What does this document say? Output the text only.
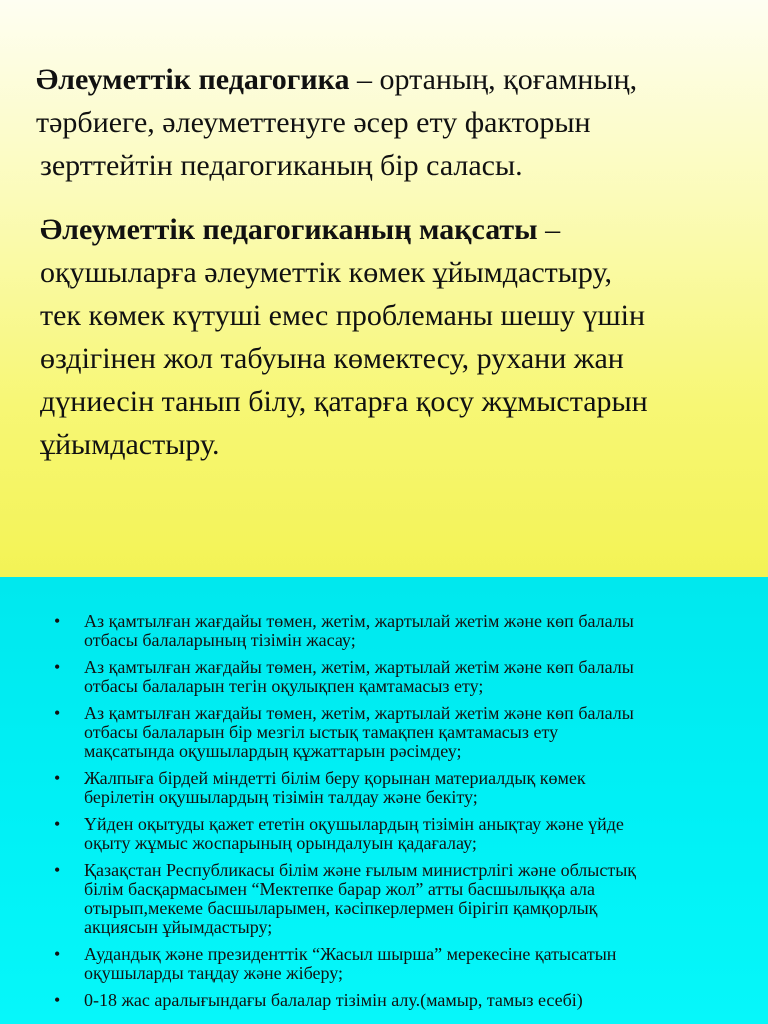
Әлеуметтік педагогика – ортаның, қоғамның,
тәрбиеге, әлеуметтенуге әсер ету факторын
зерттейтін педагогиканың бір саласы.

Әлеуметтік педагогиканың мақсаты –
оқушыларға әлеуметтік көмек ұйымдастыру,
тек көмек күтуші емес проблеманы шешу үшін
өздігінен жол табуына көмектесу, рухани жан
дүниесін танып білу, қатарға қосу жұмыстарын
ұйымдастыру.

• Аз қамтылған жағдайы төмен, жетім, жартылай жетім және көп балалы
отбасы балаларының тізімін жасау;
• Аз қамтылған жағдайы төмен, жетім, жартылай жетім және көп балалы
отбасы балаларын тегін оқулықпен қамтамасыз ету;
• Аз қамтылған жағдайы төмен, жетім, жартылай жетім және көп балалы
отбасы балаларын бір мезгіл ыстық тамақпен қамтамасыз ету
мақсатында оқушылардың құжаттарын рәсімдеу;
• Жалпыға бірдей міндетті білім беру қорынан материалдық көмек
берілетін оқушылардың тізімін талдау және бекіту;
• Үйден оқытуды қажет ететін оқушылардың тізімін анықтау және үйде
оқыту жұмыс жоспарының орындалуын қадағалау;
• Қазақстан Республикасы білім және ғылым министрлігі және облыстық
білім басқармасымен “Мектепке барар жол” атты басшылыққа ала
отырып,мекеме басшыларымен, кәсіпкерлермен бірігіп қамқорлық
акциясын ұйымдастыру;
• Аудандық және президенттік “Жасыл шырша” мерекесіне қатысатын
оқушыларды таңдау және жіберу;
• 0-18 жас аралығындағы балалар тізімін алу.(мамыр, тамыз есебі)
